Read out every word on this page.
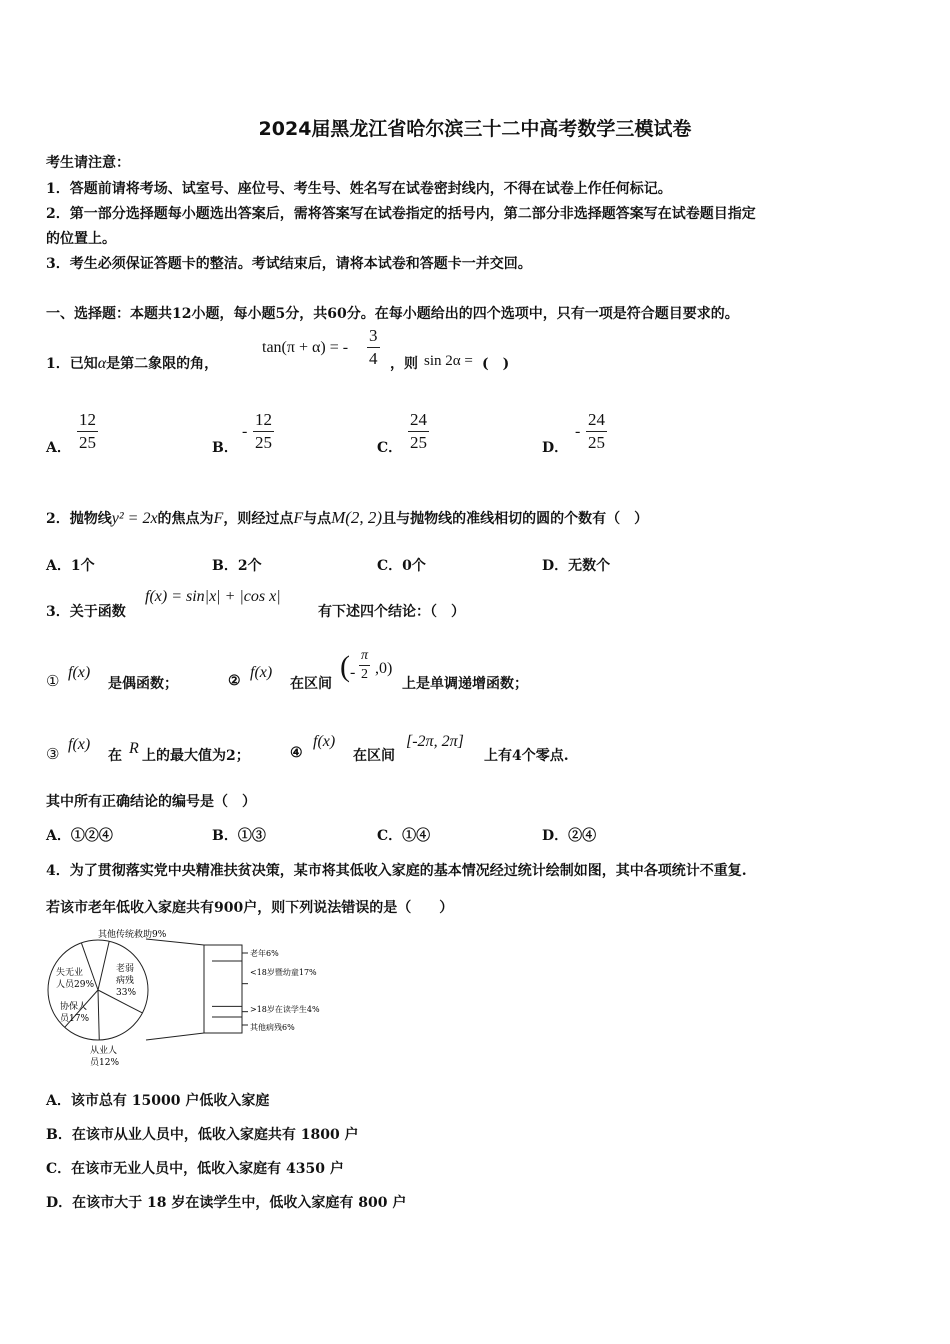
2024届黑龙江省哈尔滨三十二中高考数学三模试卷
考生请注意：
1．答题前请将考场、试室号、座位号、考生号、姓名写在试卷密封线内，不得在试卷上作任何标记。
2．第一部分选择题每小题选出答案后，需将答案写在试卷指定的括号内，第二部分非选择题答案写在试卷题目指定
的位置上。
3．考生必须保证答题卡的整洁。考试结束后，请将本试卷和答题卡一并交回。
一、选择题：本题共12小题，每小题5分，共60分。在每小题给出的四个选项中，只有一项是符合题目要求的。
1．已知α是第二象限的角，
tan(π + α) = - $\frac{3}{4}$ ，则 sin 2α = (　)
A． $\frac{12}{25}$	B．
- $\frac{12}{25}$	C． $\frac{24}{25}$	D．
- $\frac{24}{25}$
2．抛物线y² = 2x的焦点为F，则经过点F与点M(2, 2)且与抛物线的准线相切的圆的个数有（　）
A．1个	B．2个	C．0个	D．无数个
3．关于函数
f(x) = sin|x| + |cos x|
有下述四个结论：（　）
① f(x)
是偶函数；	② f(x)
在区间
( - $\frac{\pi}{2} ,0$)
上是单调递增函数；
③
f(x)
在 R 上的最大值为2；	④
f(x)
在区间
[-2π, 2π]
上有4个零点.
其中所有正确结论的编号是（　）
A．①②④	B．①③	C．①④	D．②④
4．为了贯彻落实党中央精准扶贫决策，某市将其低收入家庭的基本情况经过统计绘制如图，其中各项统计不重复.
若该市老年低收入家庭共有900户，则下列说法错误的是（　　）
其他传统救助9%
失无业
人员29%
协保人
员17%
从业人
员12%
老弱
病残
33%
老年6%
<18岁暨幼童17%
>18岁在读学生4%
其他病残6%
A．该市总有 15000 户低收入家庭
B．在该市从业人员中，低收入家庭共有 1800 户
C．在该市无业人员中，低收入家庭有 4350 户
D．在该市大于 18 岁在读学生中，低收入家庭有 800 户
